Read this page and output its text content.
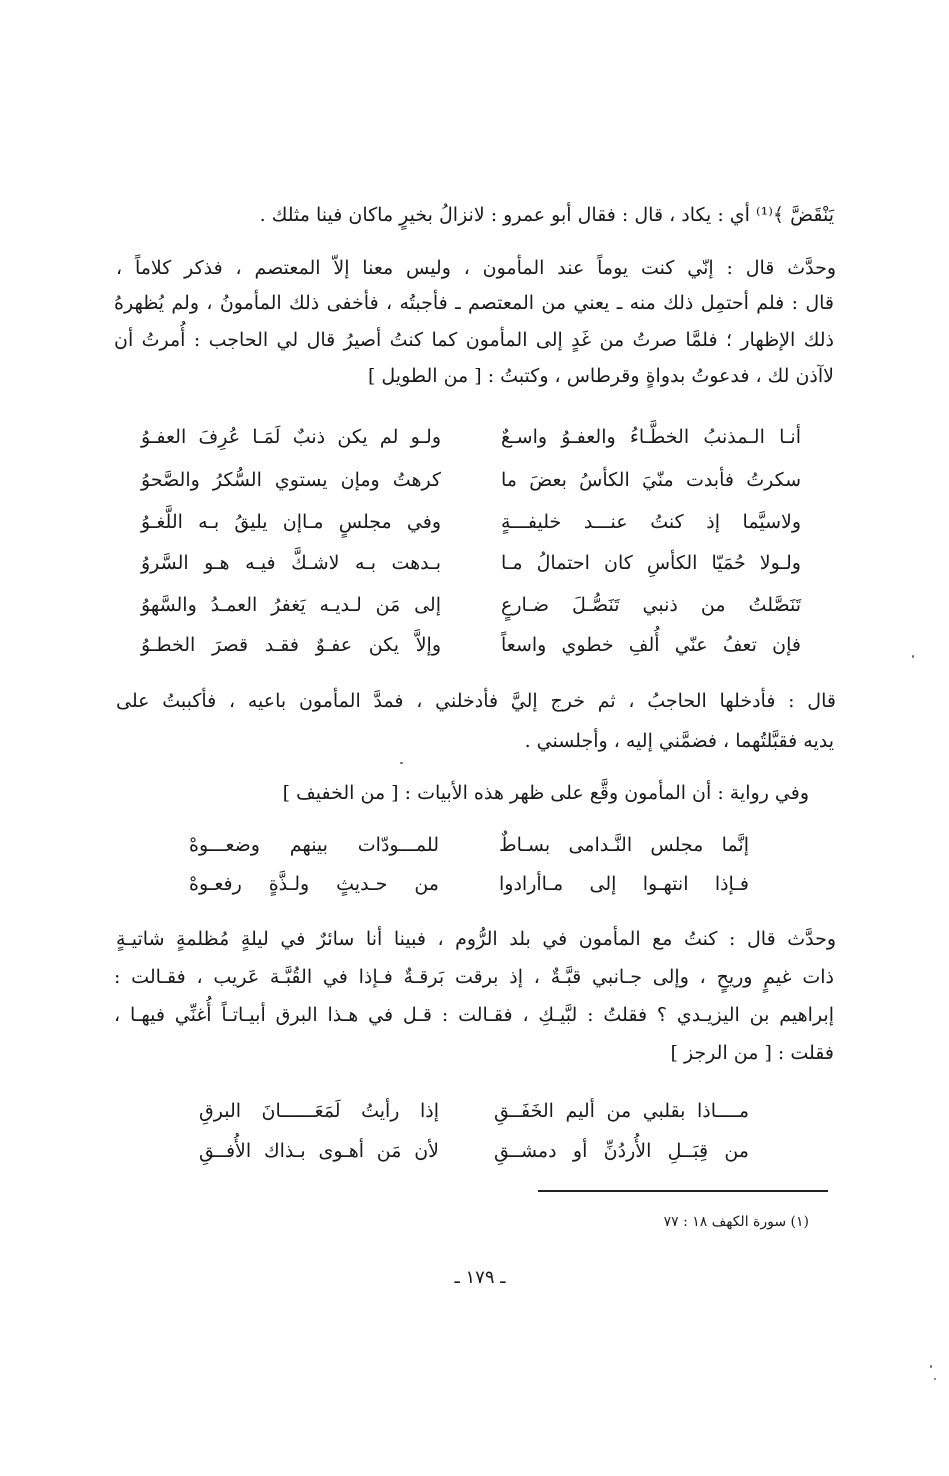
يَنْقَضَّ ﴾⁽¹⁾ أي : يكاد ، قال : فقال أبو عمرو : لانزالُ بخيرٍ ماكان فينا مثلك .
وحدَّث قال : إنّي كنت يوماً عند المأمون ، وليس معنا إلاّ المعتصم ، فذكر كلاماً ،
قال : فلم أحتمِل ذلك منه ـ يعني من المعتصم ـ فأجبتُه ، فأخفى ذلك المأمونُ ، ولم يُظهرهُ
ذلك الإظهار ؛ فلمَّا صرتُ من غَدٍ إلى المأمون كما كنتُ أصيرُ قال لي الحاجب : أُمرتُ أن
لاآذن لك ، فدعوتُ بدواةٍ وقرطاس ، وكتبتُ : [ من الطويل ]
أنـا الـمذنبُ الخطَّـاءُ والعفـوُ واسـعٌ
ولـو لم يكن ذنبٌ لَمَـا عُرِفَ العفـوُ
سكرتُ فأبدت منّيَ الكأسُ بعضَ ما
كرهتُ ومإن يستوي السُّكرُ والصَّحوُ
ولاسيَّما إذ كنتُ عنـــد خليفـــةٍ
وفي مجلسٍ مـاإن يليقُ بـه اللَّغـوُ
ولـولا حُمَيّا الكأسِ كان احتمالُ مـا
بـدهت بـه لاشـكَّ فيـه هـو السَّروُ
تَنَصَّلتُ من ذنبي تَنَصُّـلَ ضـارعٍ
إلى مَن لـديـه يَغفرُ العمـدُ والسَّهوُ
فإن تعفُ عنّي أُلفِ خطوي واسعاً
وإلاَّ يكن عفـوٌ فقـد قصرَ الخطـوُ
قال : فأدخلها الحاجبُ ، ثم خرج إليَّ فأدخلني ، فمدَّ المأمون باعيه ، فأكببتُ على
يديه فقبَّلتُهما ، فضمَّني إليه ، وأجلسني .
وفي رواية : أن المأمون وقَّع على ظهر هذه الأبيات : [ من الخفيف ]
إنَّما مجلس النَّـدامى بسـاطٌ
للمـــودّات بينهم وضعـــوهْ
فـإذا انتهـوا إلى مـاأرادوا
من حـديثٍ ولـذَّةٍ رفعـوهْ
وحدَّث قال : كنتُ مع المأمون في بلد الرُّوم ، فبينا أنا سائرٌ في ليلةٍ مُظلمةٍ شاتيـةٍ
ذات غيمٍ وريحٍ ، وإلى جـانبي قبَّـةٌ ، إذ برقت بَرقـةٌ فـإذا في القُبَّـة عَريب ، فقـالت :
إبراهيم بن اليزيـدي ؟ فقلتُ : لبَّيـكِ ، فقـالت : قـل في هـذا البرق أبيـاتـاً أُغنِّي فيهـا ،
فقلت : [ من الرجز ]
مــــاذا بقلبي من أليم الخَفَــقِ
إذا رأيتُ لَمَعَــــــانَ البرقِ
من قِبَــلِ الأُردُنِّ أو دمشــقِ
لأن مَن أهـوى بـذاك الأُفــقِ
(١) سورة الكهف ١٨ : ٧٧
ـ ١٧٩ ـ
